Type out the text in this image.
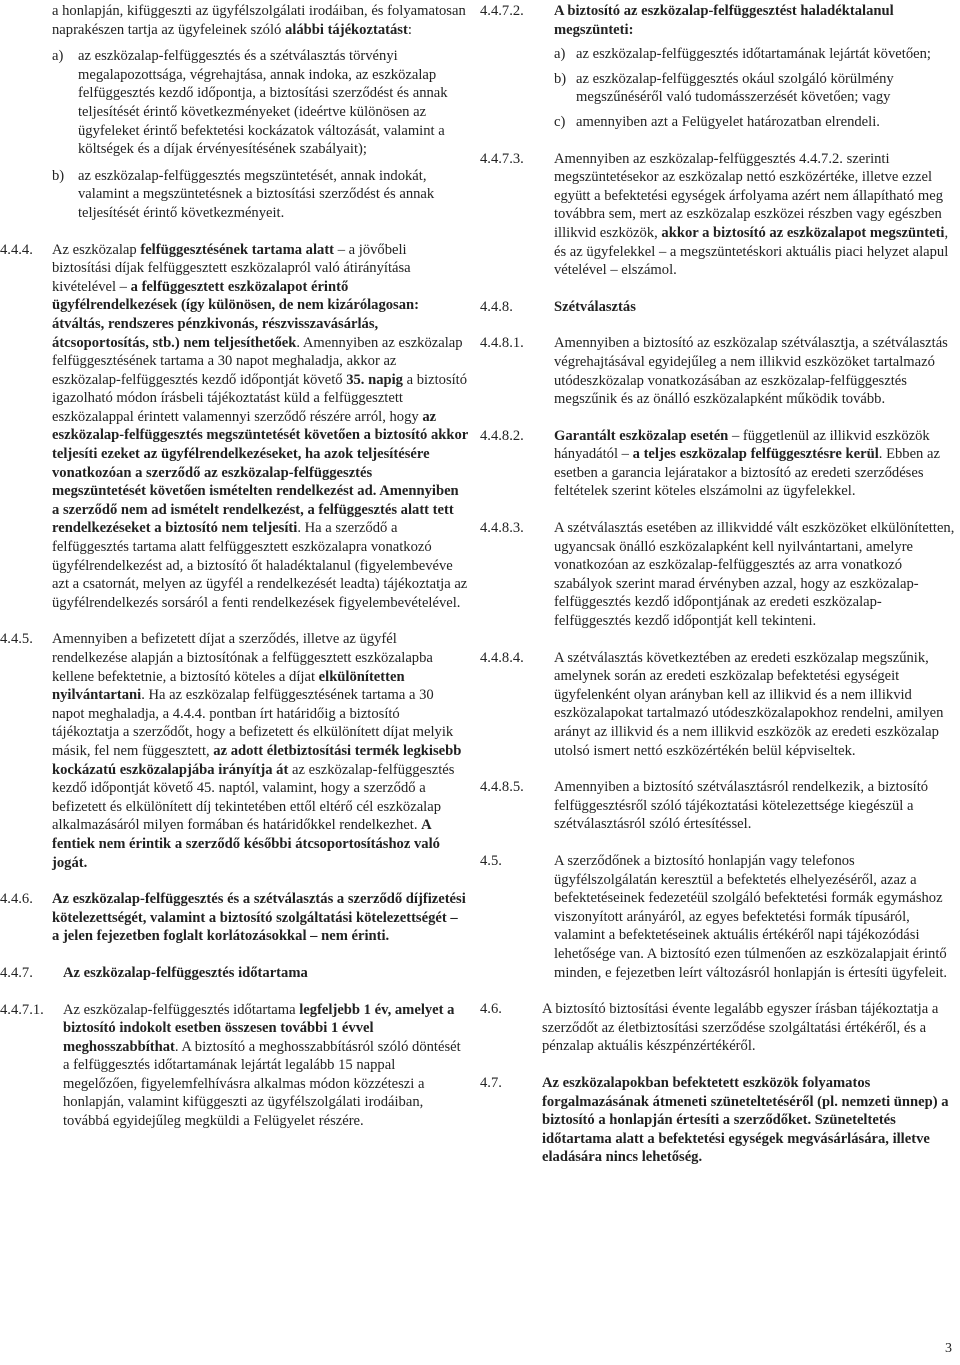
a honlapján, kifüggeszti az ügyfélszolgálati irodáiban, és folyamatosan naprakészen tartja az ügyfeleinek szóló alábbi tájékoztatást:

a)	az eszközalap-felfüggesztés és a szétválasztás törvényi megalapozottsága, végrehajtása, annak indoka, az eszközalap felfüggesztés kezdő időpontja, a biztosítási szerződést és annak teljesítését érintő következményeket (ideértve különösen az ügyfeleket érintő befektetési kockázatok változását, valamint a költségek és a díjak érvényesítésének szabályait);
b) az eszközalap-felfüggesztés megszüntetését, annak indokát, valamint a megszüntetésnek a biztosítási szerződést és annak teljesítését érintő következményeit.
4.4.4.	Az eszközalap felfüggesztésének tartama alatt – a jövőbeli biztosítási díjak felfüggesztett eszközalapról való átirányítása kivételével – a felfüggesztett eszközalapot érintő ügyfélrendelkezések (így különösen, de nem kizárólagosan: átváltás, rendszeres pénzkivonás, részvisszavásárlás, átcsoportosítás, stb.) nem teljesíthetőek. Amennyiben az eszközalap felfüggesztésének tartama a 30 napot meghaladja, akkor az eszközalap-felfüggesztés kezdő időpontját követő 35. napig a biztosító igazolható módon írásbeli tájékoztatást küld a felfüggesztett eszközalappal érintett valamennyi szerződő részére arról, hogy az eszközalap-felfüggesztés megszüntetését követően a biztosító akkor teljesíti ezeket az ügyfélrendelkezéseket, ha azok teljesítésére vonatkozóan a szerződő az eszközalap-felfüggesztés megszüntetését követően ismételten rendelkezést ad. Amennyiben a szerződő nem ad ismételt rendelkezést, a felfüggesztés alatt tett rendelkezéseket a biztosító nem teljesíti. Ha a szerződő a felfüggesztés tartama alatt felfüggesztett eszközalapra vonatkozó ügyfélrendelkezést ad, a biztosító őt haladéktalanul (figyelembevéve azt a csatornát, melyen az ügyfél a rendelkezését leadta) tájékoztatja az ügyfélrendelkezés sorsáról a fenti rendelkezések figyelembevételével.
4.4.5.	Amennyiben a befizetett díjat a szerződés, illetve az ügyfél rendelkezése alapján a biztosítónak a felfüggesztett eszközalapba kellene befektetnie, a biztosító köteles a díjat elkülönítetten nyilvántartani. Ha az eszközalap felfüggesztésének tartama a 30 napot meghaladja, a 4.4.4. pontban írt határidőig a biztosító tájékoztatja a szerződőt, hogy a befizetett és elkülönített díjat melyik másik, fel nem függesztett, az adott életbiztosítási termék legkisebb kockázatú eszközalapjába irányítja át az eszközalap-felfüggesztés kezdő időpontját követő 45. naptól, valamint, hogy a szerződő a befizetett és elkülönített díj tekintetében ettől eltérő cél eszközalap alkalmazásáról milyen formában és határidőkkel rendelkezhet. A fentiek nem érintik a szerződő későbbi átcsoportosításhoz való jogát.
4.4.6.	Az eszközalap-felfüggesztés és a szétválasztás a szerződő díjfizetési kötelezettségét, valamint a biztosító szolgáltatási kötelezettségét – a jelen fejezetben foglalt korlátozásokkal – nem érinti.
4.4.7.	Az eszközalap-felfüggesztés időtartama
4.4.7.1.	Az eszközalap-felfüggesztés időtartama legfeljebb 1 év, amelyet a biztosító indokolt esetben összesen további 1 évvel meghosszabbíthat. A biztosító a meghosszabbításról szóló döntését a felfüggesztés időtartamának lejártát legalább 15 nappal megelőzően, figyelemfelhívásra alkalmas módon közzéteszi a honlapján, valamint kifüggeszti az ügyfélszolgálati irodáiban, továbbá egyidejűleg megküldi a Felügyelet részére.
4.4.7.2.	A biztosító az eszközalap-felfüggesztést haladéktalanul megszünteti:
a) az eszközalap-felfüggesztés időtartamának lejártát követően;
b) az eszközalap-felfüggesztés okául szolgáló körülmény megszűnéséről való tudomásszerzését követően; vagy
c) amennyiben azt a Felügyelet határozatban elrendeli.
4.4.7.3.	Amennyiben az eszközalap-felfüggesztés 4.4.7.2. szerinti megszüntetésekor az eszközalap nettó eszközértéke, illetve ezzel együtt a befektetési egységek árfolyama azért nem állapítható meg továbbra sem, mert az eszközalap eszközei részben vagy egészben illikvid eszközök, akkor a biztosító az eszközalapot megszünteti, és az ügyfelekkel – a megszüntetéskori aktuális piaci helyzet alapul vételével – elszámol.
4.4.8.	Szétválasztás
4.4.8.1.	Amennyiben a biztosító az eszközalap szétválasztja, a szétválasztás végrehajtásával egyidejűleg a nem illikvid eszközöket tartalmazó utódeszközalap vonatkozásában az eszközalap-felfüggesztés megszűnik és az önálló eszközalapként működik tovább.
4.4.8.2.	Garantált eszközalap esetén – függetlenül az illikvid eszközök hányadától – a teljes eszközalap felfüggesztésre kerül. Ebben az esetben a garancia lejáratakor a biztosító az eredeti szerződéses feltételek szerint köteles elszámolni az ügyfelekkel.
4.4.8.3.	A szétválasztás esetében az illikviddé vált eszközöket elkülönítetten, ugyancsak önálló eszközalapként kell nyilvántartani, amelyre vonatkozóan az eszközalap-felfüggesztés az arra vonatkozó szabályok szerint marad érvényben azzal, hogy az eszközalap-felfüggesztés kezdő időpontjának az eredeti eszközalap-felfüggesztés kezdő időpontját kell tekinteni.
4.4.8.4.	A szétválasztás következtében az eredeti eszközalap megszűnik, amelynek során az eredeti eszközalap befektetési egységeit ügyfelenként olyan arányban kell az illikvid és a nem illikvid eszközalapokat tartalmazó utódeszközalapokhoz rendelni, amilyen arányt az illikvid és a nem illikvid eszközök az eredeti eszközalap utolsó ismert nettó eszközértékén belül képviseltek.
4.4.8.5.	Amennyiben a biztosító szétválasztásról rendelkezik, a biztosító felfüggesztésről szóló tájékoztatási kötelezettsége kiegészül a szétválasztásról szóló értesítéssel.
4.5.	A szerződőnek a biztosító honlapján vagy telefonos ügyfélszolgálatán keresztül a befektetés elhelyezéséről, azaz a befektetéseinek fedezetéül szolgáló befektetési formák egymáshoz viszonyított arányáról, az egyes befektetési formák típusáról, valamint a befektetéseinek aktuális értékéről napi tájékozódási lehetősége van. A biztosító ezen túlmenően az eszközalapjait érintő minden, e fejezetben leírt változásról honlapján is értesíti ügyfeleit.
4.6.	A biztosító biztosítási évente legalább egyszer írásban tájékoztatja a szerződőt az életbiztosítási szerződése szolgáltatási értékéről, és a pénzalap aktuális készpénzértékéről.
4.7.	Az eszközalapokban befektetett eszközök folyamatos forgalmazásának átmeneti szüneteltetéséről (pl. nemzeti ünnep) a biztosító a honlapján értesíti a szerződőket. Szüneteltetés időtartama alatt a befektetési egységek megvásárlására, illetve eladására nincs lehetőség.
3
